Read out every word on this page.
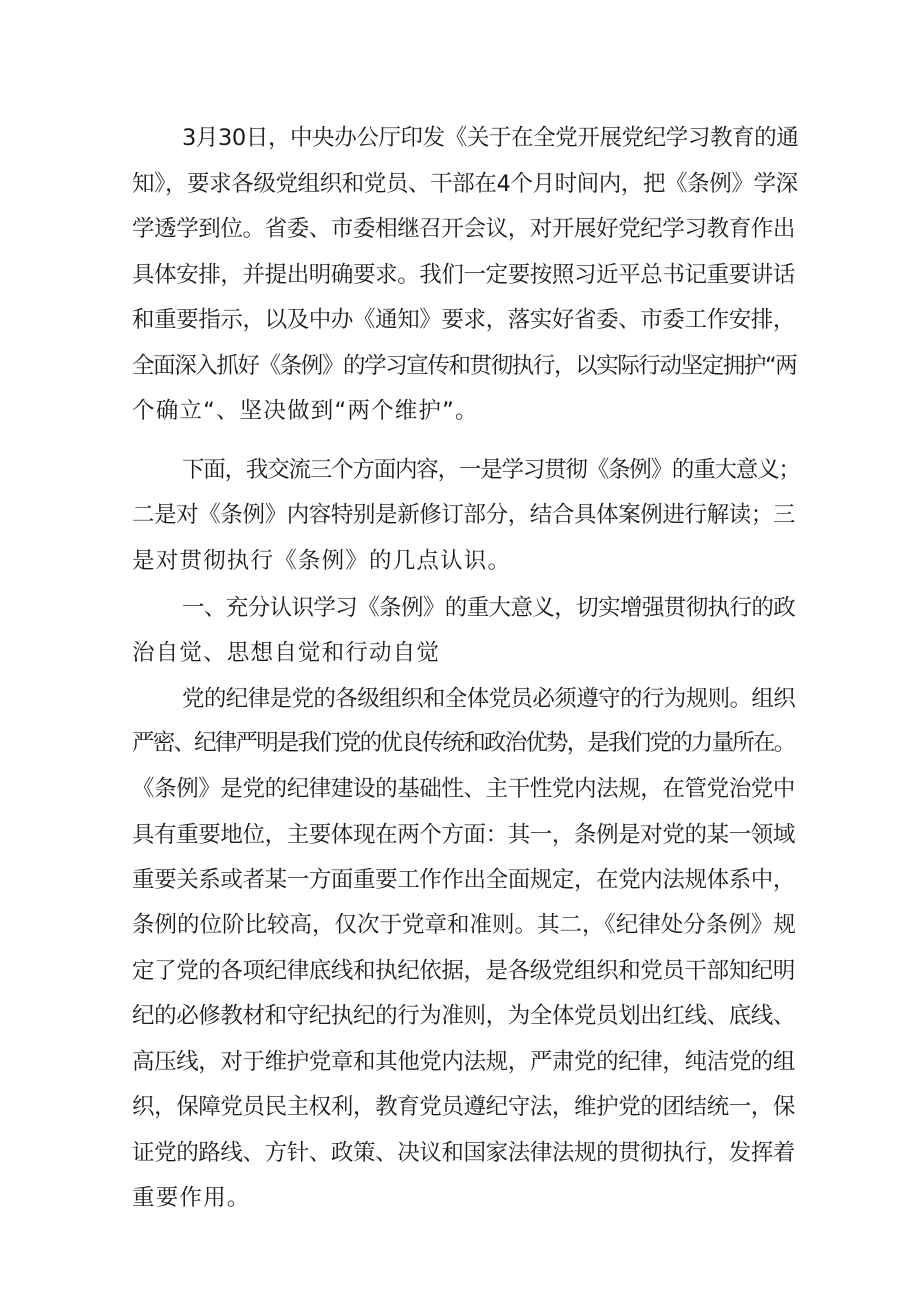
3月30日，中央办公厅印发《关于在全党开展党纪学习教育的通
知》，要求各级党组织和党员、干部在4个月时间内，把《条例》学深
学透学到位。省委、市委相继召开会议，对开展好党纪学习教育作出
具体安排，并提出明确要求。我们一定要按照习近平总书记重要讲话
和重要指示，以及中办《通知》要求，落实好省委、市委工作安排，
全面深入抓好《条例》的学习宣传和贯彻执行，以实际行动坚定拥护“两
个确立“、坚决做到“两个维护”。
下面，我交流三个方面内容，一是学习贯彻《条例》的重大意义；
二是对《条例》内容特别是新修订部分，结合具体案例进行解读；三
是对贯彻执行《条例》的几点认识。
一、充分认识学习《条例》的重大意义，切实增强贯彻执行的政
治自觉、思想自觉和行动自觉
党的纪律是党的各级组织和全体党员必须遵守的行为规则。组织
严密、纪律严明是我们党的优良传统和政治优势，是我们党的力量所在。
《条例》是党的纪律建设的基础性、主干性党内法规，在管党治党中
具有重要地位，主要体现在两个方面：其一，条例是对党的某一领域
重要关系或者某一方面重要工作作出全面规定，在党内法规体系中，
条例的位阶比较高，仅次于党章和准则。其二，《纪律处分条例》规
定了党的各项纪律底线和执纪依据，是各级党组织和党员干部知纪明
纪的必修教材和守纪执纪的行为准则，为全体党员划出红线、底线、
高压线，对于维护党章和其他党内法规，严肃党的纪律，纯洁党的组
织，保障党员民主权利，教育党员遵纪守法，维护党的团结统一，保
证党的路线、方针、政策、决议和国家法律法规的贯彻执行，发挥着
重要作用。
